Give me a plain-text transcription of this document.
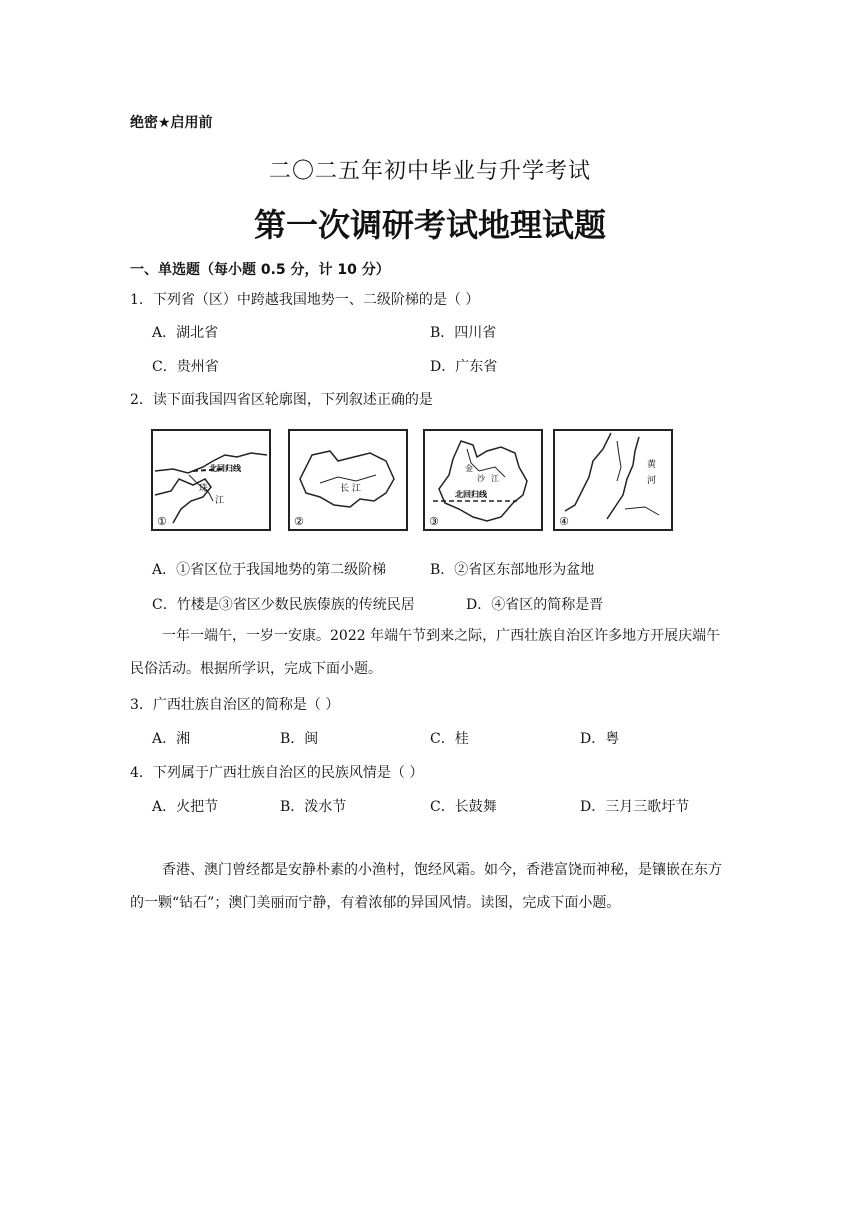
绝密★启用前
二〇二五年初中毕业与升学考试
第一次调研考试地理试题
一、单选题（每小题 0.5 分，计 10 分）
1．下列省（区）中跨越我国地势一、二级阶梯的是（ ）
A．湖北省	B．四川省
C．贵州省	D．广东省
2．读下面我国四省区轮廓图，下列叙述正确的是
北回归线
珠
江
①
长 江
②
金
沙 江
北回归线
③
黄
河
④
A．①省区位于我国地势的第二级阶梯	B．②省区东部地形为盆地
C．竹楼是③省区少数民族傣族的传统民居	D．④省区的简称是晋
一年一端午，一岁一安康。2022 年端午节到来之际，广西壮族自治区许多地方开展庆端午民俗活动。根据所学识，完成下面小题。
3．广西壮族自治区的简称是（ ）
A．湘	B．闽	C．桂	D．粤
4．下列属于广西壮族自治区的民族风情是（ ）
A．火把节	B．泼水节	C．长鼓舞	D．三月三歌圩节
香港、澳门曾经都是安静朴素的小渔村，饱经风霜。如今，香港富饶而神秘，是镶嵌在东方的一颗“钻石”；澳门美丽而宁静，有着浓郁的异国风情。读图，完成下面小题。
